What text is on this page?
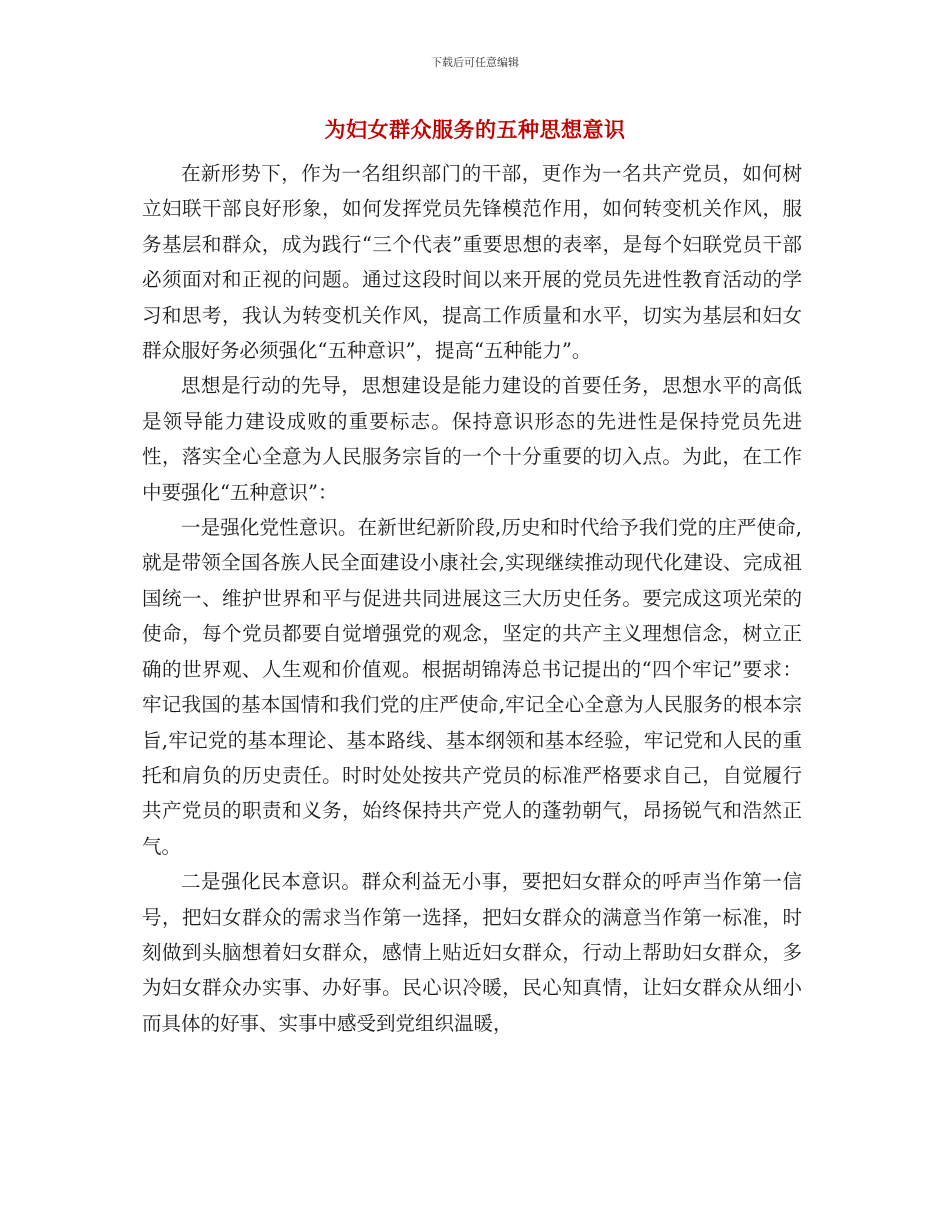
下载后可任意编辑
为妇女群众服务的五种思想意识

在新形势下，作为一名组织部门的干部，更作为一名共产党员，如何树立妇联干部良好形象，如何发挥党员先锋模范作用，如何转变机关作风，服务基层和群众，成为践行“三个代表”重要思想的表率，是每个妇联党员干部必须面对和正视的问题。通过这段时间以来开展的党员先进性教育活动的学习和思考，我认为转变机关作风，提高工作质量和水平，切实为基层和妇女群众服好务必须强化“五种意识”，提高“五种能力”。

思想是行动的先导，思想建设是能力建设的首要任务，思想水平的高低是领导能力建设成败的重要标志。保持意识形态的先进性是保持党员先进性，落实全心全意为人民服务宗旨的一个十分重要的切入点。为此，在工作中要强化“五种意识”：

一是强化党性意识。在新世纪新阶段,历史和时代给予我们党的庄严使命,就是带领全国各族人民全面建设小康社会,实现继续推动现代化建设、完成祖国统一、维护世界和平与促进共同进展这三大历史任务。要完成这项光荣的使命，每个党员都要自觉增强党的观念，坚定的共产主义理想信念，树立正确的世界观、人生观和价值观。根据胡锦涛总书记提出的“四个牢记”要求：牢记我国的基本国情和我们党的庄严使命,牢记全心全意为人民服务的根本宗旨,牢记党的基本理论、基本路线、基本纲领和基本经验，牢记党和人民的重托和肩负的历史责任。时时处处按共产党员的标准严格要求自己，自觉履行共产党员的职责和义务，始终保持共产党人的蓬勃朝气，昂扬锐气和浩然正气。

二是强化民本意识。群众利益无小事，要把妇女群众的呼声当作第一信号，把妇女群众的需求当作第一选择，把妇女群众的满意当作第一标准，时刻做到头脑想着妇女群众，感情上贴近妇女群众，行动上帮助妇女群众，多为妇女群众办实事、办好事。民心识冷暖，民心知真情，让妇女群众从细小而具体的好事、实事中感受到党组织温暖，
